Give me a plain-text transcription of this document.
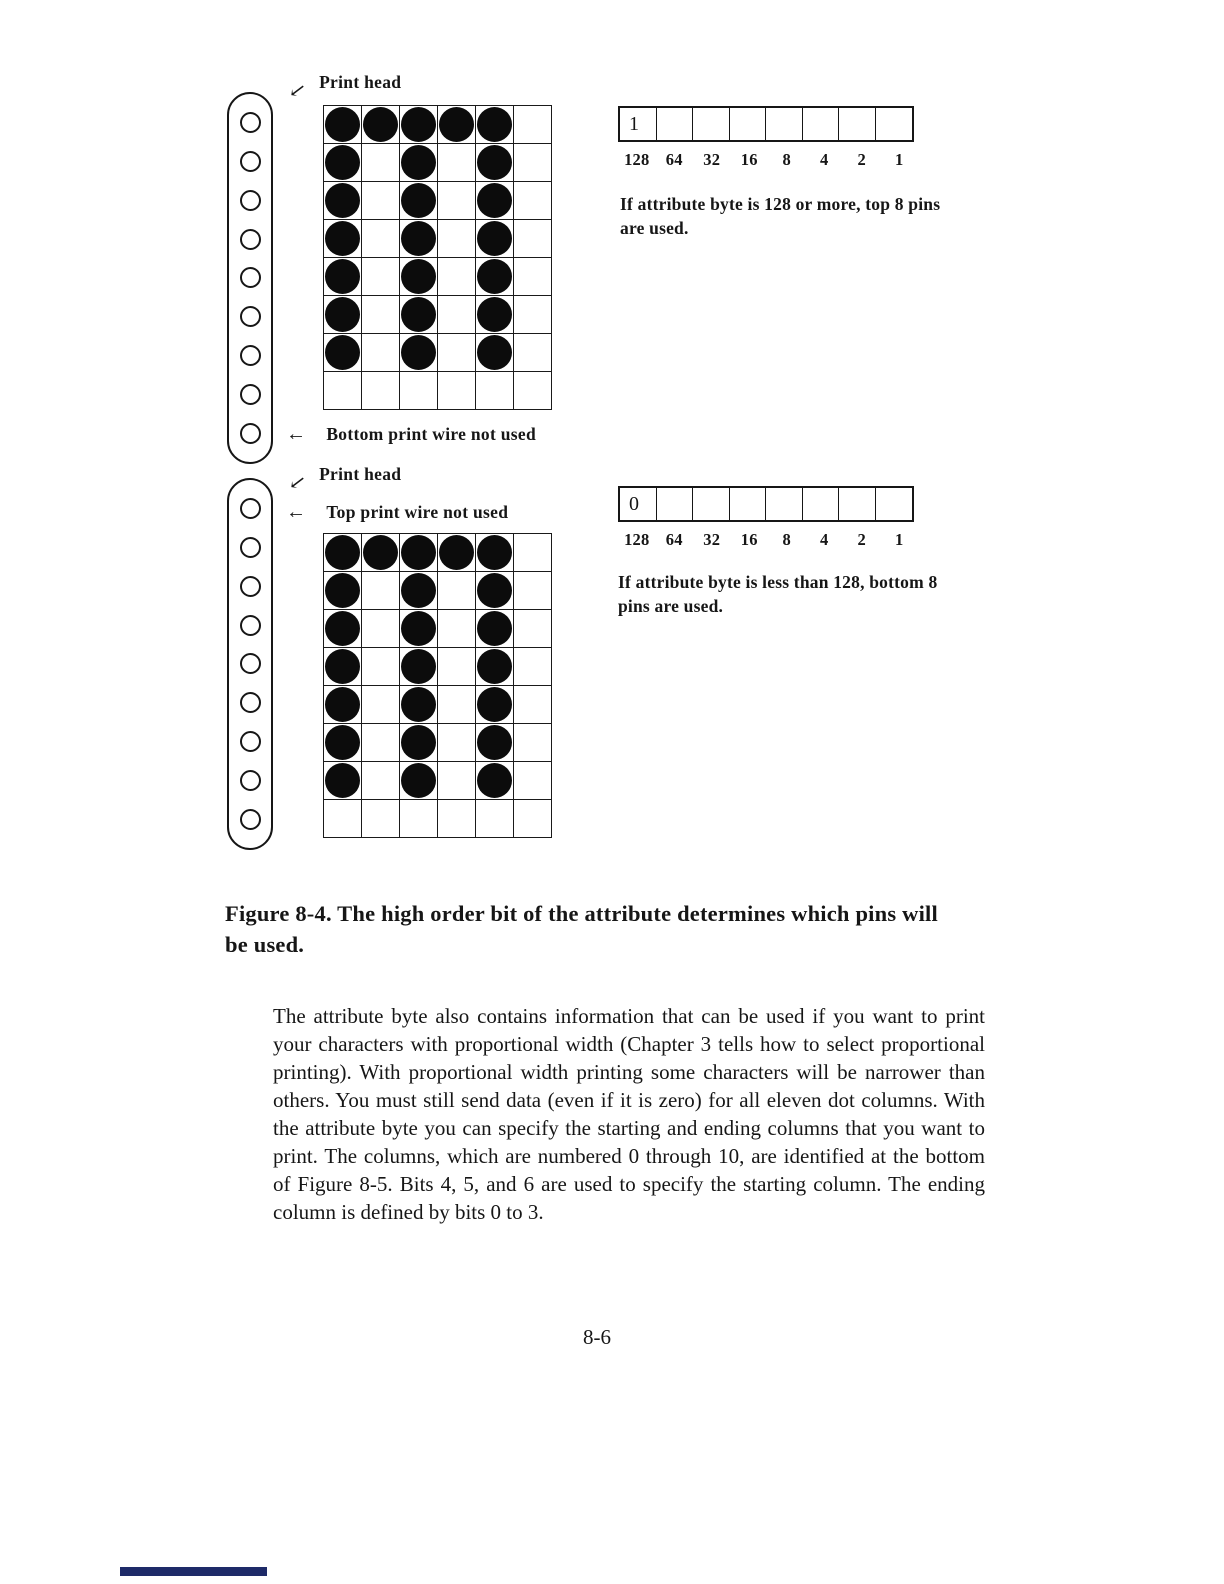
↙ Print head
← Bottom print wire not used
1
128 64	32	16	8	4	2	1
If attribute byte is 128 or more, top 8 pins are used.
↙ Print head
← Top print wire not used	0
128 64	32	16	8	4	2	1
If attribute byte is less than 128, bottom 8 pins are used.
Figure 8-4. The high order bit of the attribute determines which pins will be used.
The attribute byte also contains information that can be used if you want to print your characters with proportional width (Chapter 3 tells how to select proportional printing). With proportional width printing some characters will be narrower than others. You must still send data (even if it is zero) for all eleven dot columns. With the attribute byte you can specify the starting and ending columns that you want to print. The columns, which are numbered 0 through 10, are identified at the bottom of Figure 8-5. Bits 4, 5, and 6 are used to specify the starting column. The ending column is defined by bits 0 to 3.
8-6
